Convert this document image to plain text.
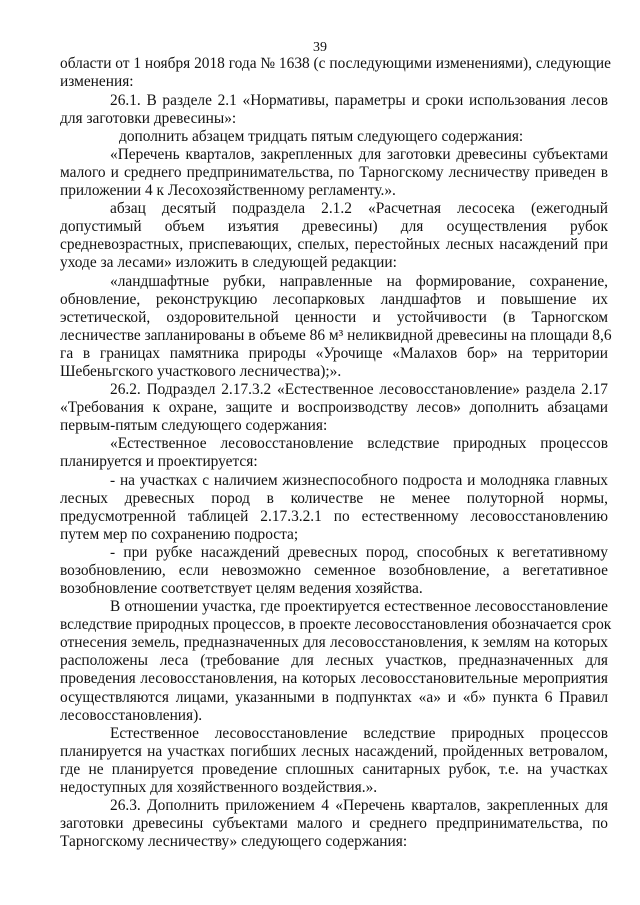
39
области от 1 ноября 2018 года № 1638 (с последующими изменениями), следующие
изменения:
26.1. В разделе 2.1 «Нормативы, параметры и сроки использования лесов
для заготовки древесины»:
дополнить абзацем тридцать пятым следующего содержания:
«Перечень кварталов, закрепленных для заготовки древесины субъектами
малого и среднего предпринимательства, по Тарногскому лесничеству приведен в
приложении 4 к Лесохозяйственному регламенту.».
абзац десятый подраздела 2.1.2 «Расчетная лесосека (ежегодный
допустимый объем изъятия древесины) для осуществления рубок
средневозрастных, приспевающих, спелых, перестойных лесных насаждений при
уходе за лесами» изложить в следующей редакции:
«ландшафтные рубки, направленные на формирование, сохранение,
обновление, реконструкцию лесопарковых ландшафтов и повышение их
эстетической, оздоровительной ценности и устойчивости (в Тарногском
лесничестве запланированы в объеме 86 м³ неликвидной древесины на площади 8,6
га в границах памятника природы «Урочище «Малахов бор» на территории
Шебеньгского участкового лесничества);».
26.2. Подраздел 2.17.3.2 «Естественное лесовосстановление» раздела 2.17
«Требования к охране, защите и воспроизводству лесов» дополнить абзацами
первым-пятым следующего содержания:
«Естественное лесовосстановление вследствие природных процессов
планируется и проектируется:
- на участках с наличием жизнеспособного подроста и молодняка главных
лесных древесных пород в количестве не менее полуторной нормы,
предусмотренной таблицей 2.17.3.2.1 по естественному лесовосстановлению
путем мер по сохранению подроста;
- при рубке насаждений древесных пород, способных к вегетативному
возобновлению, если невозможно семенное возобновление, а вегетативное
возобновление соответствует целям ведения хозяйства.
В отношении участка, где проектируется естественное лесовосстановление
вследствие природных процессов, в проекте лесовосстановления обозначается срок
отнесения земель, предназначенных для лесовосстановления, к землям на которых
расположены леса (требование для лесных участков, предназначенных для
проведения лесовосстановления, на которых лесовосстановительные мероприятия
осуществляются лицами, указанными в подпунктах «а» и «б» пункта 6 Правил
лесовосстановления).
Естественное лесовосстановление вследствие природных процессов
планируется на участках погибших лесных насаждений, пройденных ветровалом,
где не планируется проведение сплошных санитарных рубок, т.е. на участках
недоступных для хозяйственного воздействия.».
26.3. Дополнить приложением 4 «Перечень кварталов, закрепленных для
заготовки древесины субъектами малого и среднего предпринимательства, по
Тарногскому лесничеству» следующего содержания:
